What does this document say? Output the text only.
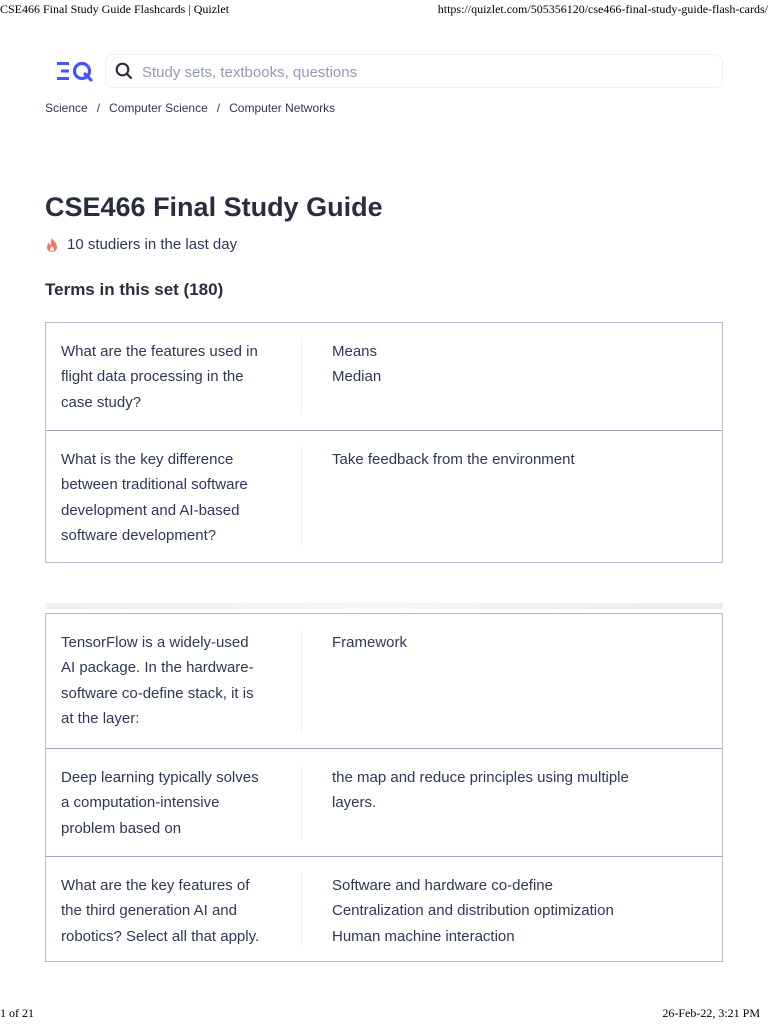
CSE466 Final Study Guide Flashcards | Quizlet	https://quizlet.com/505356120/cse466-final-study-guide-flash-cards/
Study sets, textbooks, questions
Science / Computer Science / Computer Networks
CSE466 Final Study Guide
10 studiers in the last day
Terms in this set (180)
What are the features used in
flight data processing in the
case study?
Means
Median
What is the key difference
between traditional software
development and AI-based
software development?
Take feedback from the environment
TensorFlow is a widely-used
AI package. In the hardware-
software co-define stack, it is
at the layer:
Framework
Deep learning typically solves
a computation-intensive
problem based on
the map and reduce principles using multiple
layers.
What are the key features of
the third generation AI and
robotics? Select all that apply.
Software and hardware co-define
Centralization and distribution optimization
Human machine interaction
1 of 21	26-Feb-22, 3:21 PM
